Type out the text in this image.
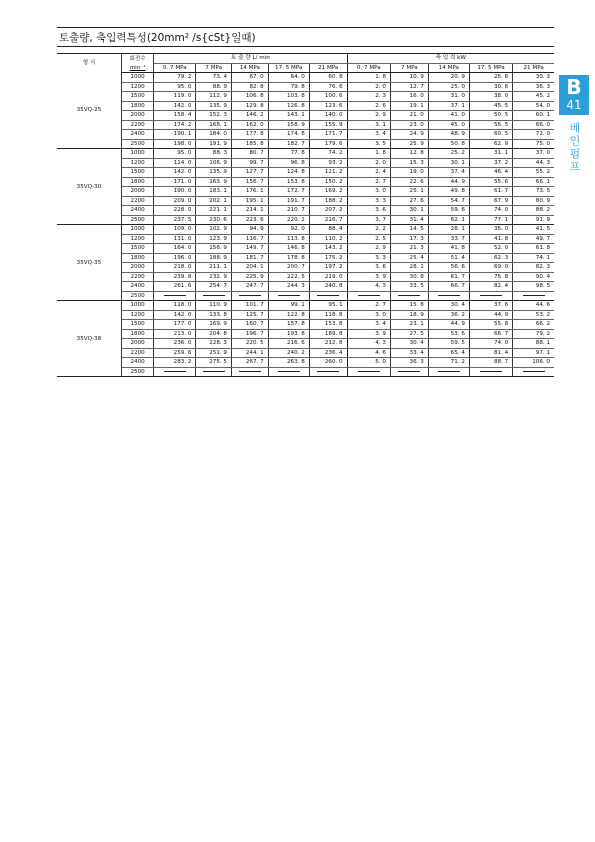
토출량, 축입력특성(20mm² /s{cSt}일때)
형 식	회전수	토 출 량 L/ min					축 입 력 kW				
	min⁻¹	0. 7 MPa	7 MPa	14 MPa	17. 5 MPa	21 MPa	0. 7 MPa	7 MPa	14 MPa	17. 5 MPa	21 MPa
35VQ-25	1000	79. 2	73. 4	67. 0	64. 0	60. 8	1. 8	10. 9	20. 9	25. 6	30. 3
	1200	95. 0	88. 9	82. 8	79. 8	76. 6	2. 0	12. 7	25. 0	30. 6	36. 3
	1500	119. 0	112. 9	106. 8	103. 8	100. 6	2. 3	16. 0	31. 0	38. 0	45. 2
	1800	142. 0	135. 9	129. 8	126. 8	123. 6	2. 6	19. 1	37. 1	45. 5	54. 0
	2000	158. 4	152. 3	146. 2	143. 1	140. 0	2. 9	21. 0	41. 0	50. 5	60. 1
	2200	174. 2	168. 1	162. 0	158. 9	155. 9	3. 1	23. 0	45. 0	55. 5	66. 0
	2400	190. 1	184. 0	177. 8	174. 8	171. 7	3. 4	24. 9	48. 9	60. 5	72. 0
	2500	198. 0	191. 9	185. 8	182. 7	179. 6	3. 5	25. 9	50. 8	62. 9	75. 0
35VQ-30	1000	95. 0	88. 3	80. 7	77. 8	74. 2	1. 8	12. 8	25. 2	31. 1	37. 0
	1200	114. 0	106. 9	99. 7	96. 8	93. 2	2. 0	15. 3	30. 1	37. 2	44. 3
	1500	142. 0	135. 9	127. 7	124. 8	121. 2	2. 4	19. 0	37. 4	46. 4	55. 2
	1800	171. 0	163. 9	156. 7	153. 8	150. 2	2. 7	22. 6	44. 9	55. 6	66. 1
	2000	190. 0	183. 1	176. 1	172. 7	169. 2	3. 0	25. 1	49. 8	61. 7	73. 5
	2200	209. 0	202. 1	195. 1	191. 7	188. 2	3. 3	27. 6	54. 7	67. 9	80. 9
	2400	228. 0	221. 1	214. 1	210. 7	207. 2	3. 6	30. 1	59. 6	74. 0	88. 2
	2500	237. 5	230. 6	223. 6	220. 2	216. 7	3. 7	31. 4	62. 1	77. 1	91. 9
35VQ-35	1000	109. 0	102. 9	94. 9	92. 0	88. 4	2. 2	14. 5	28. 1	35. 0	41. 5
	1200	131. 0	123. 9	116. 7	113. 8	110. 2	2. 5	17. 3	33. 7	41. 8	49. 7
	1500	164. 0	156. 9	149. 7	146. 8	143. 2	2. 9	21. 3	41. 8	52. 0	61. 8
	1800	196. 0	188. 9	181. 7	178. 8	175. 2	3. 3	25. 4	51. 4	62. 3	74. 1
	2000	218. 0	211. 1	204. 1	200. 7	197. 2	3. 6	28. 1	56. 6	69. 0	82. 3
	2200	239. 8	232. 9	225. 9	222. 5	219. 0	3. 9	30. 8	61. 7	75. 8	90. 4
	2400	261. 6	254. 7	247. 7	244. 3	240. 8	4. 3	33. 5	66. 7	82. 4	98. 5
	2500										
35VQ-38	1000	118. 0	110. 9	101. 7	99. 1	95. 1	2. 7	15. 8	30. 4	37. 6	44. 6
	1200	142. 0	133. 8	125. 7	122. 8	118. 8	3. 0	18. 9	36. 2	44. 9	53. 2
	1500	177. 0	169. 9	160. 7	157. 8	153. 8	3. 4	23. 1	44. 9	55. 8	66. 2
	1800	213. 0	204. 8	196. 7	193. 8	189. 8	3. 9	27. 5	53. 6	66. 7	79. 2
	2000	236. 0	228. 3	220. 5	216. 6	212. 8	4. 3	30. 4	59. 5	74. 0	88. 1
	2200	259. 6	251. 9	244. 1	240. 2	236. 4	4. 6	33. 4	65. 4	81. 4	97. 1
	2400	283. 2	275. 5	267. 7	263. 8	260. 0	5. 0	36. 3	71. 2	88. 7	106. 0
	2500										
B
41
베인펌프
